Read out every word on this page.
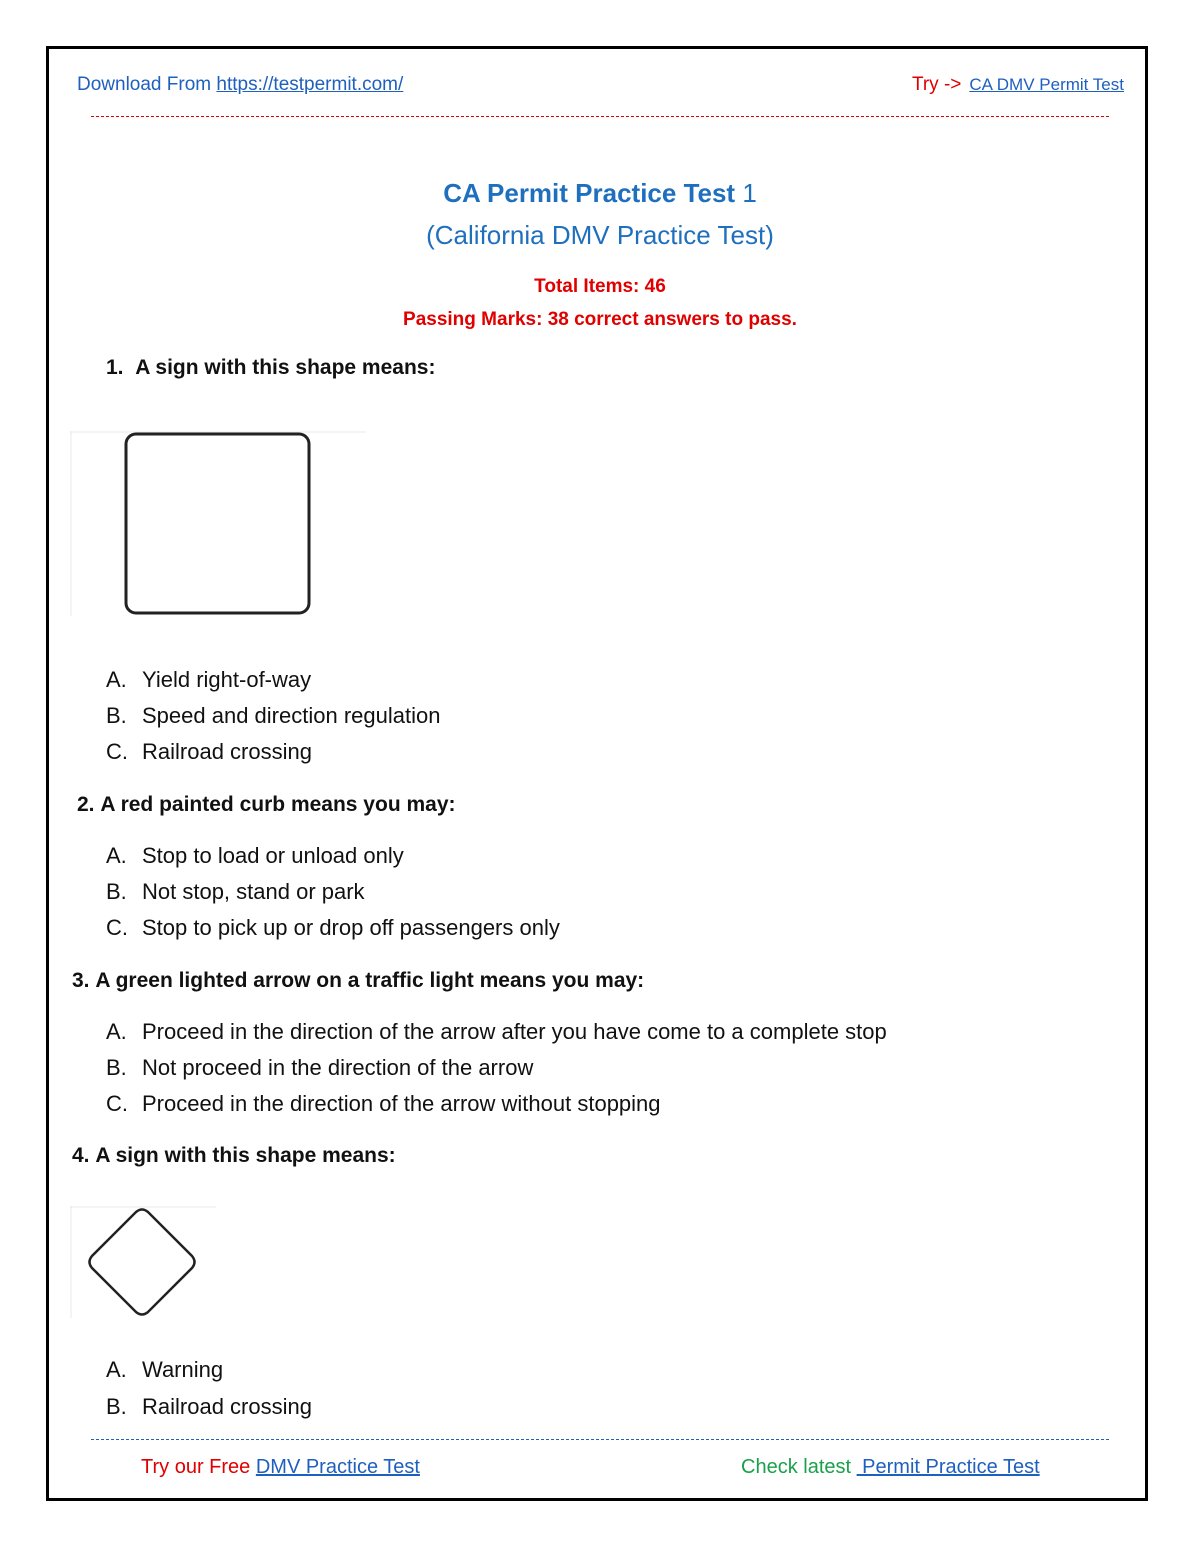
Download From https://testpermit.com/	Try -> CA DMV Permit Test
CA Permit Practice Test 1
(California DMV Practice Test)
Total Items: 46
Passing Marks: 38 correct answers to pass.
1. A sign with this shape means:
A. Yield right-of-way
B. Speed and direction regulation
C. Railroad crossing
2. A red painted curb means you may:
A. Stop to load or unload only
B. Not stop, stand or park
C. Stop to pick up or drop off passengers only
3. A green lighted arrow on a traffic light means you may:
A. Proceed in the direction of the arrow after you have come to a complete stop
B. Not proceed in the direction of the arrow
C. Proceed in the direction of the arrow without stopping
4. A sign with this shape means:
A. Warning
B. Railroad crossing
Try our Free DMV Practice Test	Check latest  Permit Practice Test
